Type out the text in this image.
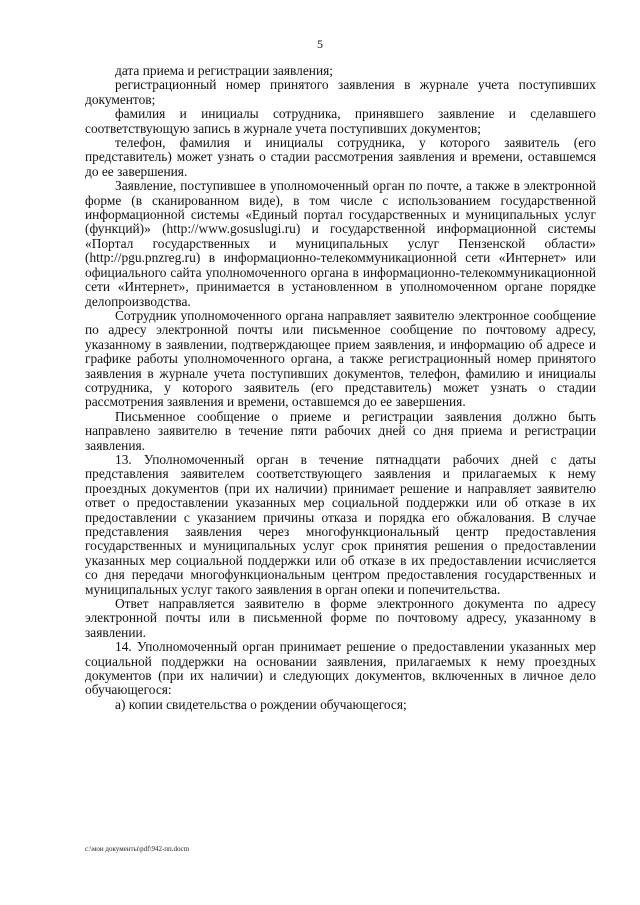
5

дата приема и регистрации заявления;

регистрационный номер принятого заявления в журнале учета поступивших документов;

фамилия и инициалы сотрудника, принявшего заявление и сделавшего соответствующую запись в журнале учета поступивших документов;

телефон, фамилия и инициалы сотрудника, у которого заявитель (его представитель) может узнать о стадии рассмотрения заявления и времени, оставшемся до ее завершения.

Заявление, поступившее в уполномоченный орган по почте, а также в электронной форме (в сканированном виде), в том числе с использованием государственной информационной системы «Единый портал государственных и муниципальных услуг (функций)» (http://www.gosuslugi.ru) и государственной информационной системы «Портал государственных и муниципальных услуг Пензенской области» (http://pgu.pnzreg.ru) в информационно-телекоммуникационной сети «Интернет» или официального сайта уполномоченного органа в информационно-телекоммуникационной сети «Интернет», принимается в установленном в уполномоченном органе порядке делопроизводства.

Сотрудник уполномоченного органа направляет заявителю электронное сообщение по адресу электронной почты или письменное сообщение по почтовому адресу, указанному в заявлении, подтверждающее прием заявления, и информацию об адресе и графике работы уполномоченного органа, а также регистрационный номер принятого заявления в журнале учета поступивших документов, телефон, фамилию и инициалы сотрудника, у которого заявитель (его представитель) может узнать о стадии рассмотрения заявления и времени, оставшемся до ее завершения.

Письменное сообщение о приеме и регистрации заявления должно быть направлено заявителю в течение пяти рабочих дней со дня приема и регистрации заявления.

13. Уполномоченный орган в течение пятнадцати рабочих дней с даты представления заявителем соответствующего заявления и прилагаемых к нему проездных документов (при их наличии) принимает решение и направляет заявителю ответ о предоставлении указанных мер социальной поддержки или об отказе в их предоставлении с указанием причины отказа и порядка его обжалования. В случае представления заявления через многофункциональный центр предоставления государственных и муниципальных услуг срок принятия решения о предоставлении указанных мер социальной поддержки или об отказе в их предоставлении исчисляется со дня передачи многофункциональным центром предоставления государственных и муниципальных услуг такого заявления в орган опеки и попечительства.

Ответ направляется заявителю в форме электронного документа по адресу электронной почты или в письменной форме по почтовому адресу, указанному в заявлении.

14. Уполномоченный орган принимает решение о предоставлении указанных мер социальной поддержки на основании заявления, прилагаемых к нему проездных документов (при их наличии) и следующих документов, включенных в личное дело обучающегося:

а) копии свидетельства о рождении обучающегося;

c:\мои документы\pdf\942-пп.docm
